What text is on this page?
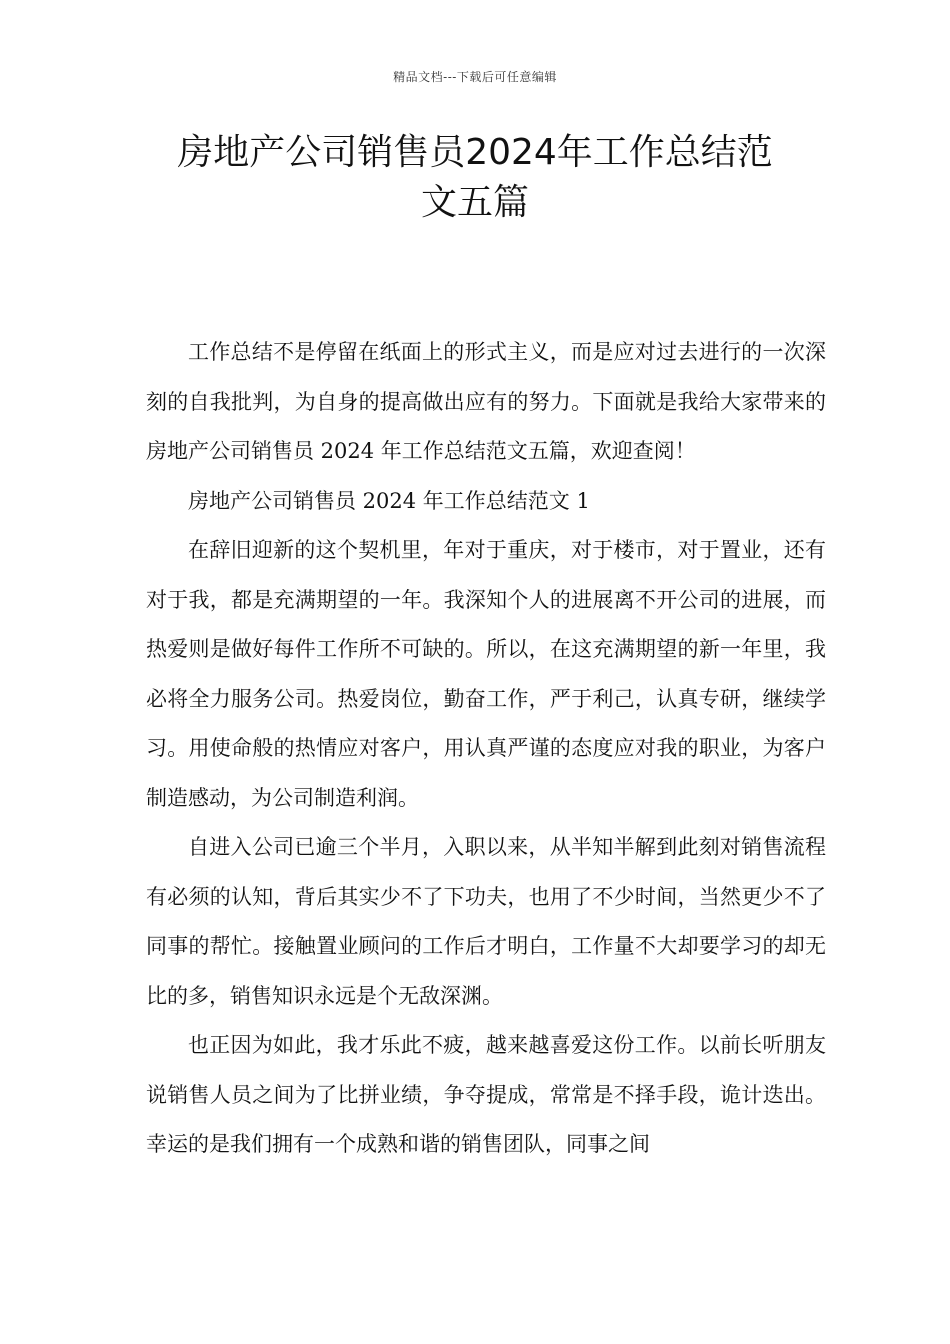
精品文档---下载后可任意编辑
房地产公司销售员2024年工作总结范
文五篇

工作总结不是停留在纸面上的形式主义，而是应对过去进行的一次深刻的自我批判，为自身的提高做出应有的努力。下面就是我给大家带来的房地产公司销售员 2024 年工作总结范文五篇，欢迎查阅！

房地产公司销售员 2024 年工作总结范文 1

在辞旧迎新的这个契机里，年对于重庆，对于楼市，对于置业，还有对于我，都是充满期望的一年。我深知个人的进展离不开公司的进展，而热爱则是做好每件工作所不可缺的。所以，在这充满期望的新一年里，我必将全力服务公司。热爱岗位，勤奋工作，严于利己，认真专研，继续学习。用使命般的热情应对客户，用认真严谨的态度应对我的职业，为客户制造感动，为公司制造利润。

自进入公司已逾三个半月，入职以来，从半知半解到此刻对销售流程有必须的认知，背后其实少不了下功夫，也用了不少时间，当然更少不了同事的帮忙。接触置业顾问的工作后才明白，工作量不大却要学习的却无比的多，销售知识永远是个无敌深渊。

也正因为如此，我才乐此不疲，越来越喜爱这份工作。以前长听朋友说销售人员之间为了比拼业绩，争夺提成，常常是不择手段，诡计迭出。幸运的是我们拥有一个成熟和谐的销售团队，同事之间
